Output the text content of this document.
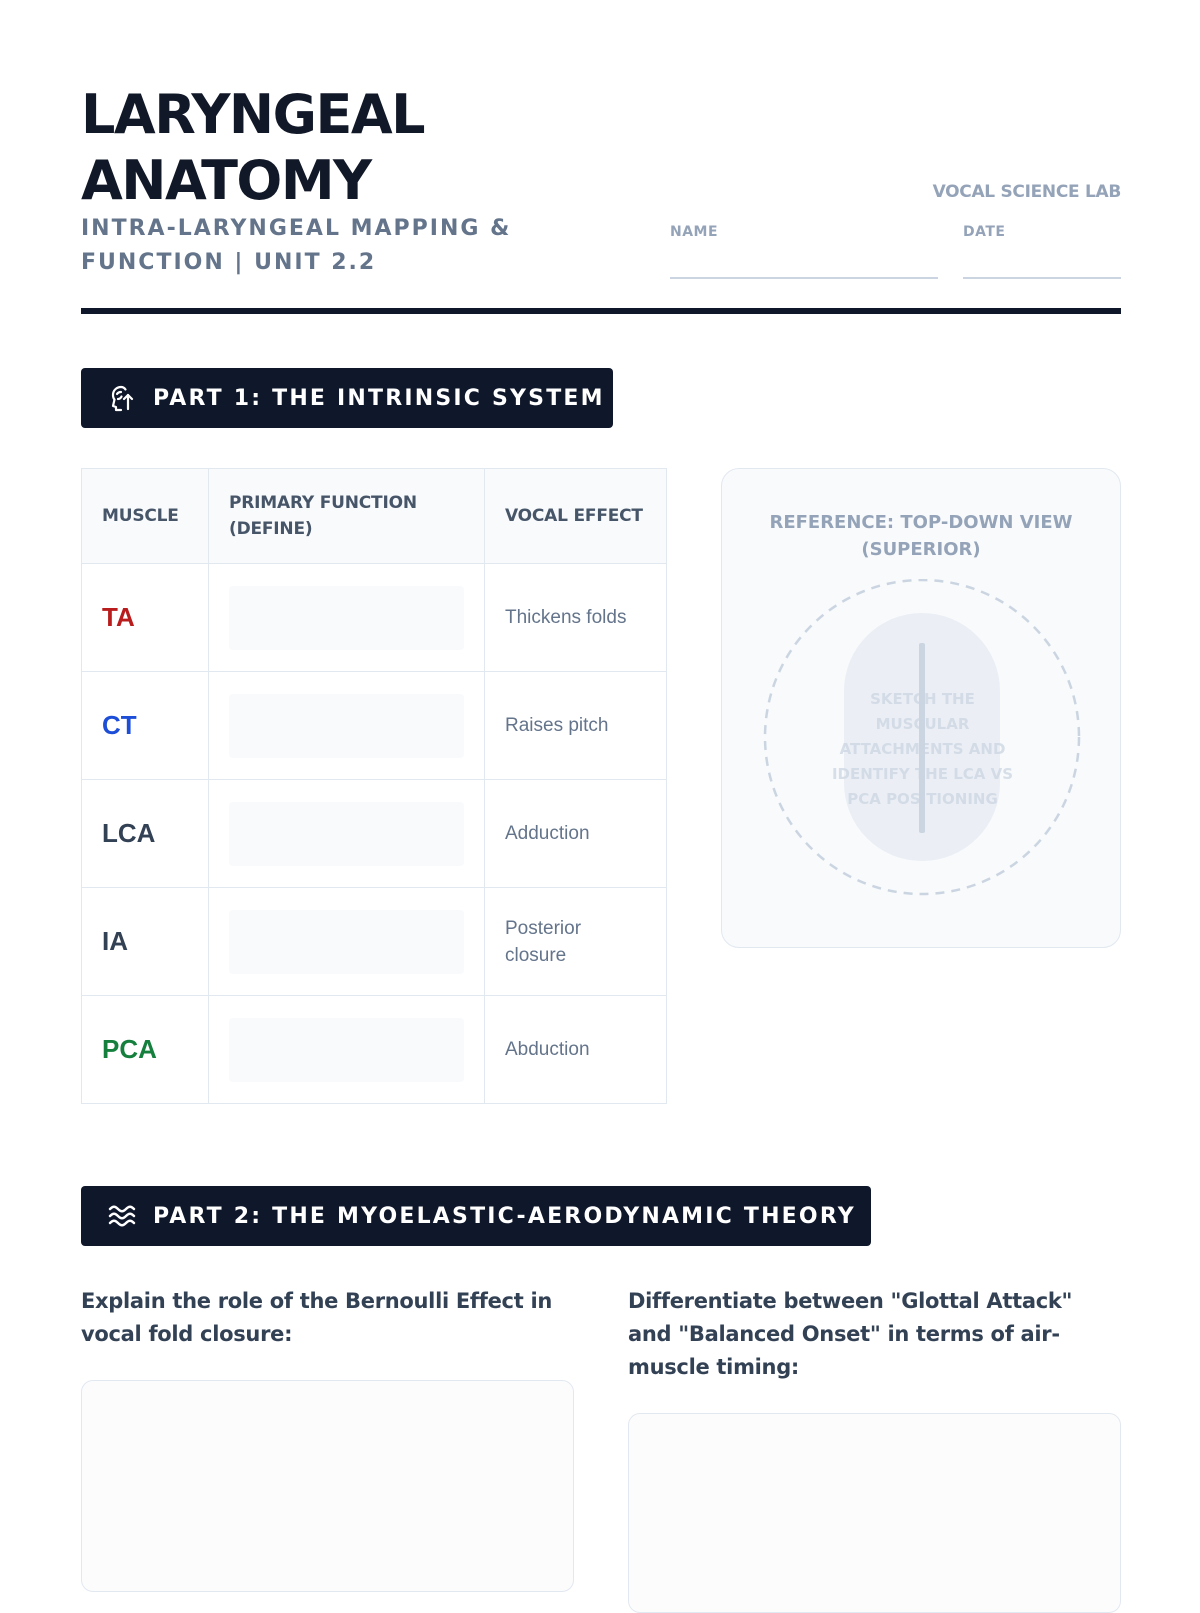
LARYNGEAL
ANATOMY

INTRA-LARYNGEAL MAPPING & FUNCTION | UNIT 2.2

VOCAL SCIENCE LAB
NAME	DATE
PART 1: THE INTRINSIC SYSTEM
MUSCLE	PRIMARY FUNCTION (DEFINE)	VOCAL EFFECT
TA		Thickens folds
CT		Raises pitch
LCA		Adduction
IA		Posterior closure
PCA		Abduction
REFERENCE: TOP-DOWN VIEW (SUPERIOR)
SKETCH THE MUSCULAR ATTACHMENTS AND IDENTIFY THE LCA VS PCA POSITIONING
PART 2: THE MYOELASTIC-AERODYNAMIC THEORY

Explain the role of the Bernoulli Effect in vocal fold closure:

Differentiate between "Glottal Attack" and "Balanced Onset" in terms of air-muscle timing:
